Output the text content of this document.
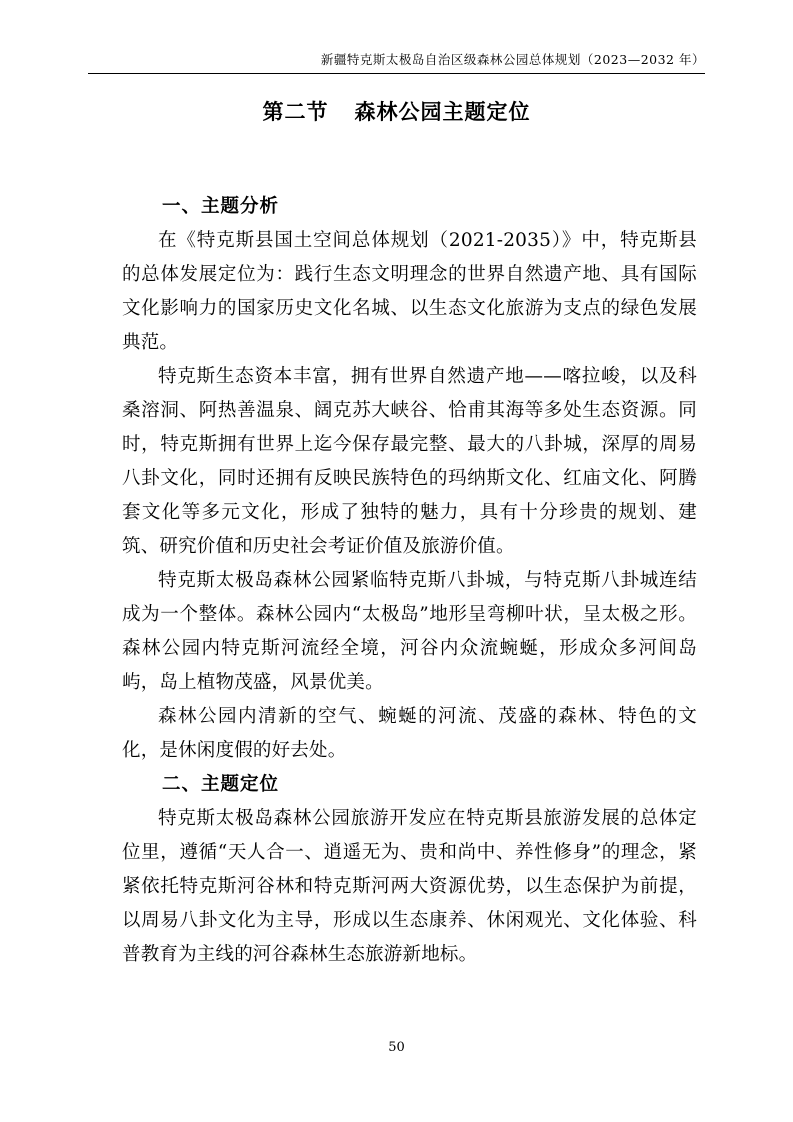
新疆特克斯太极岛自治区级森林公园总体规划（2023—2032 年）
第二节 森林公园主题定位
一、主题分析

在《特克斯县国土空间总体规划（2021-2035）》中，特克斯县的总体发展定位为：践行生态文明理念的世界自然遗产地、具有国际文化影响力的国家历史文化名城、以生态文化旅游为支点的绿色发展典范。

特克斯生态资本丰富，拥有世界自然遗产地——喀拉峻，以及科桑溶洞、阿热善温泉、阔克苏大峡谷、恰甫其海等多处生态资源。同时，特克斯拥有世界上迄今保存最完整、最大的八卦城，深厚的周易八卦文化，同时还拥有反映民族特色的玛纳斯文化、红庙文化、阿腾套文化等多元文化，形成了独特的魅力，具有十分珍贵的规划、建筑、研究价值和历史社会考证价值及旅游价值。

特克斯太极岛森林公园紧临特克斯八卦城，与特克斯八卦城连结成为一个整体。森林公园内“太极岛”地形呈弯柳叶状，呈太极之形。森林公园内特克斯河流经全境，河谷内众流蜿蜒，形成众多河间岛屿，岛上植物茂盛，风景优美。

森林公园内清新的空气、蜿蜒的河流、茂盛的森林、特色的文化，是休闲度假的好去处。

二、主题定位

特克斯太极岛森林公园旅游开发应在特克斯县旅游发展的总体定位里，遵循“天人合一、逍遥无为、贵和尚中、养性修身”的理念，紧紧依托特克斯河谷林和特克斯河两大资源优势，以生态保护为前提，以周易八卦文化为主导，形成以生态康养、休闲观光、文化体验、科普教育为主线的河谷森林生态旅游新地标。

50
